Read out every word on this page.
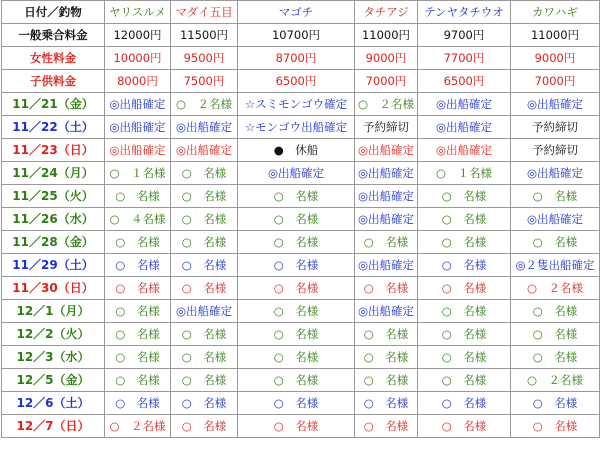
日付／釣物	ヤリスルメ	マダイ五目	マゴチ	タチアジ	テンヤタチウオ	カワハギ
一般乗合料金	12000円	11500円	10700円	11000円	9700円	11000円
女性料金	10000円	9500円	8700円	9000円	7700円	9000円
子供料金	8000円	7500円	6500円	7000円	6500円	7000円
11／21（金）	◎出船確定	○　２名様	☆スミモンゴウ確定	○　２名様	◎出船確定	◎出船確定
11／22（土）	◎出船確定	◎出船確定	☆モンゴウ出船確定	予約締切	◎出船確定	予約締切
11／23（日）	◎出船確定	◎出船確定	●　休船	◎出船確定	◎出船確定	予約締切
11／24（月）	○　１名様	○　名様	◎出船確定	◎出船確定	○　１名様	◎出船確定
11／25（火）	○　名様	○　名様	○　名様	◎出船確定	○　名様	○　名様
11／26（水）	○　４名様	○　名様	○　名様	◎出船確定	○　名様	◎出船確定
11／28（金）	○　名様	○　名様	○　名様	○　名様	○　名様	○　名様
11／29（土）	○　名様	○　名様	○　名様	◎出船確定	○　名様	◎２隻出船確定
11／30（日）	○　名様	○　名様	○　名様	○　名様	○　名様	○　２名様
12／1（月）	○　名様	◎出船確定	○　名様	◎出船確定	○　名様	○　名様
12／2（火）	○　名様	○　名様	○　名様	○　名様	○　名様	○　名様
12／3（水）	○　名様	○　名様	○　名様	○　名様	○　名様	○　名様
12／5（金）	○　名様	○　名様	○　名様	○　名様	○　名様	○　２名様
12／6（土）	○　名様	○　名様	○　名様	○　名様	○　名様	○　名様
12／7（日）	○　２名様	○　名様	○　名様	○　名様	○　名様	○　名様
